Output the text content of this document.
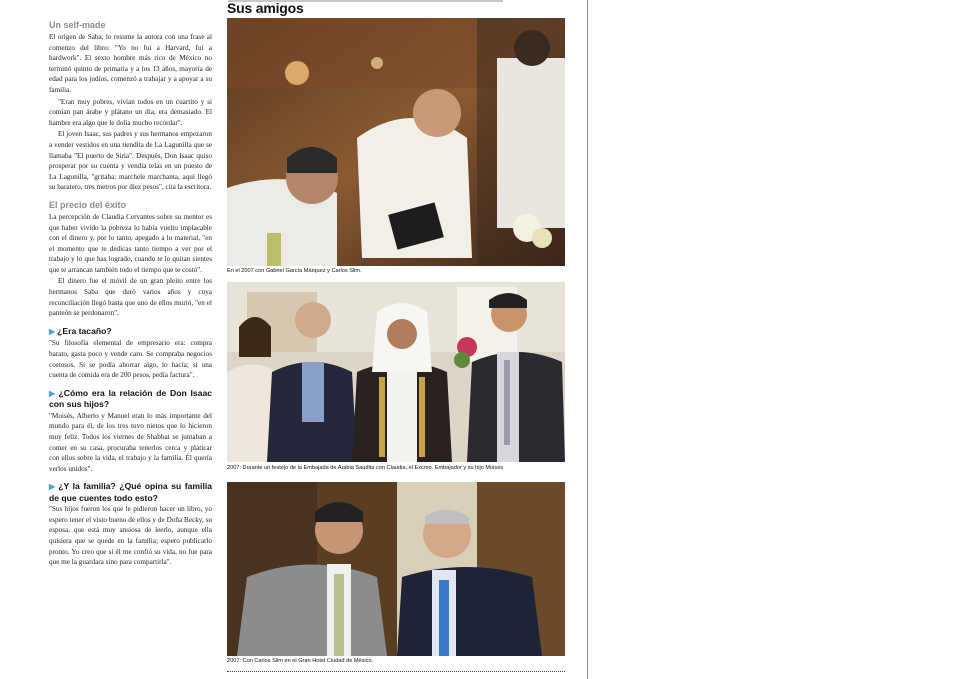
Sus amigos
Un self-made

El origen de Saba, lo resume la autora con una frase al comenzo del libro: "Yo no fui a Harvard, fui a hardwork". El sexto hombre más rico de México no terminó quinto de primaria y a los 13 años, mayoría de edad para los judíos, comenzó a trabajar y a apoyar a su familia.

"Eran muy pobres, vivían todos en un cuartito y si comían pan árabe y plátano un día, era demasiado. El hambre era algo que le dolía mucho recordar".

El joven Isaac, sus padres y sus hermanos empezaron a vender vestidos en una tiendita de La Lagunilla que se llamaba "El puerto de Siria". Después, Don Isaac quiso prosperar por su cuenta y vendía telas en un puesto de La Lagunilla, "gritaba: marchele marchanta, aquí llegó su baratero, tres metros por diez pesos", cita la escritora.

El precio del éxito

La percepción de Claudia Cervantes sobre su mentor es que haber vivido la pobreza lo había vuelto implacable con el dinero y, por lo tanto, apegado a lo material, "en el momento que te dedicas tanto tiempo a ver por el trabajo y lo que has logrado, cuando te lo quitan sientes que te arrancan también todo el tiempo que te costó".

El dinero fue el móvil de un gran pleito entre los hermanos Saba que duró varios años y cuya reconciliación llegó hasta que uno de ellos murió, "en el panteón se perdonaron".

▶ ¿Era tacaño?

"Su filosofía elemental de empresario era: compra barato, gasta poco y vende caro. Se compraba negocios costosos. Si se podía ahorrar algo, lo hacía; si una cuenta de comida era de 200 pesos, pedía factura".

▶ ¿Cómo era la relación de Don Isaac con sus hijos?

"Moisés, Alberto y Manuel eran lo más importante del mundo para él, de los tres tuvo nietos que lo hicieron muy feliz. Todos los viernes de Shabbat se juntaban a comer en su casa, procuraba tenerlos cerca y platicar con ellos sobre la vida, el trabajo y la familia. Él quería verlos unidos".

▶ ¿Y la familia? ¿Qué opina su familia de que cuentes todo esto?

"Sus hijos fueron los que le pidieron hacer un libro, yo espero tener el visto bueno de ellos y de Doña Becky, su esposa, que está muy ansiosa de leerlo, aunque ella quisiera que se quede en la familia; espero publicarlo pronto. Yo creo que si él me confió su vida, no fue para que me la guardara sino para compartirla".

En el 2007 con Gabriel García Márquez y Carlos Slim.
2007: Durante un festejo de la Embajada de Arabia Saudita con Claudia, el Excmo. Embajador y su hijo Moisés
2007: Con Carlos Slim en el Gran Hotel Ciudad de México.
